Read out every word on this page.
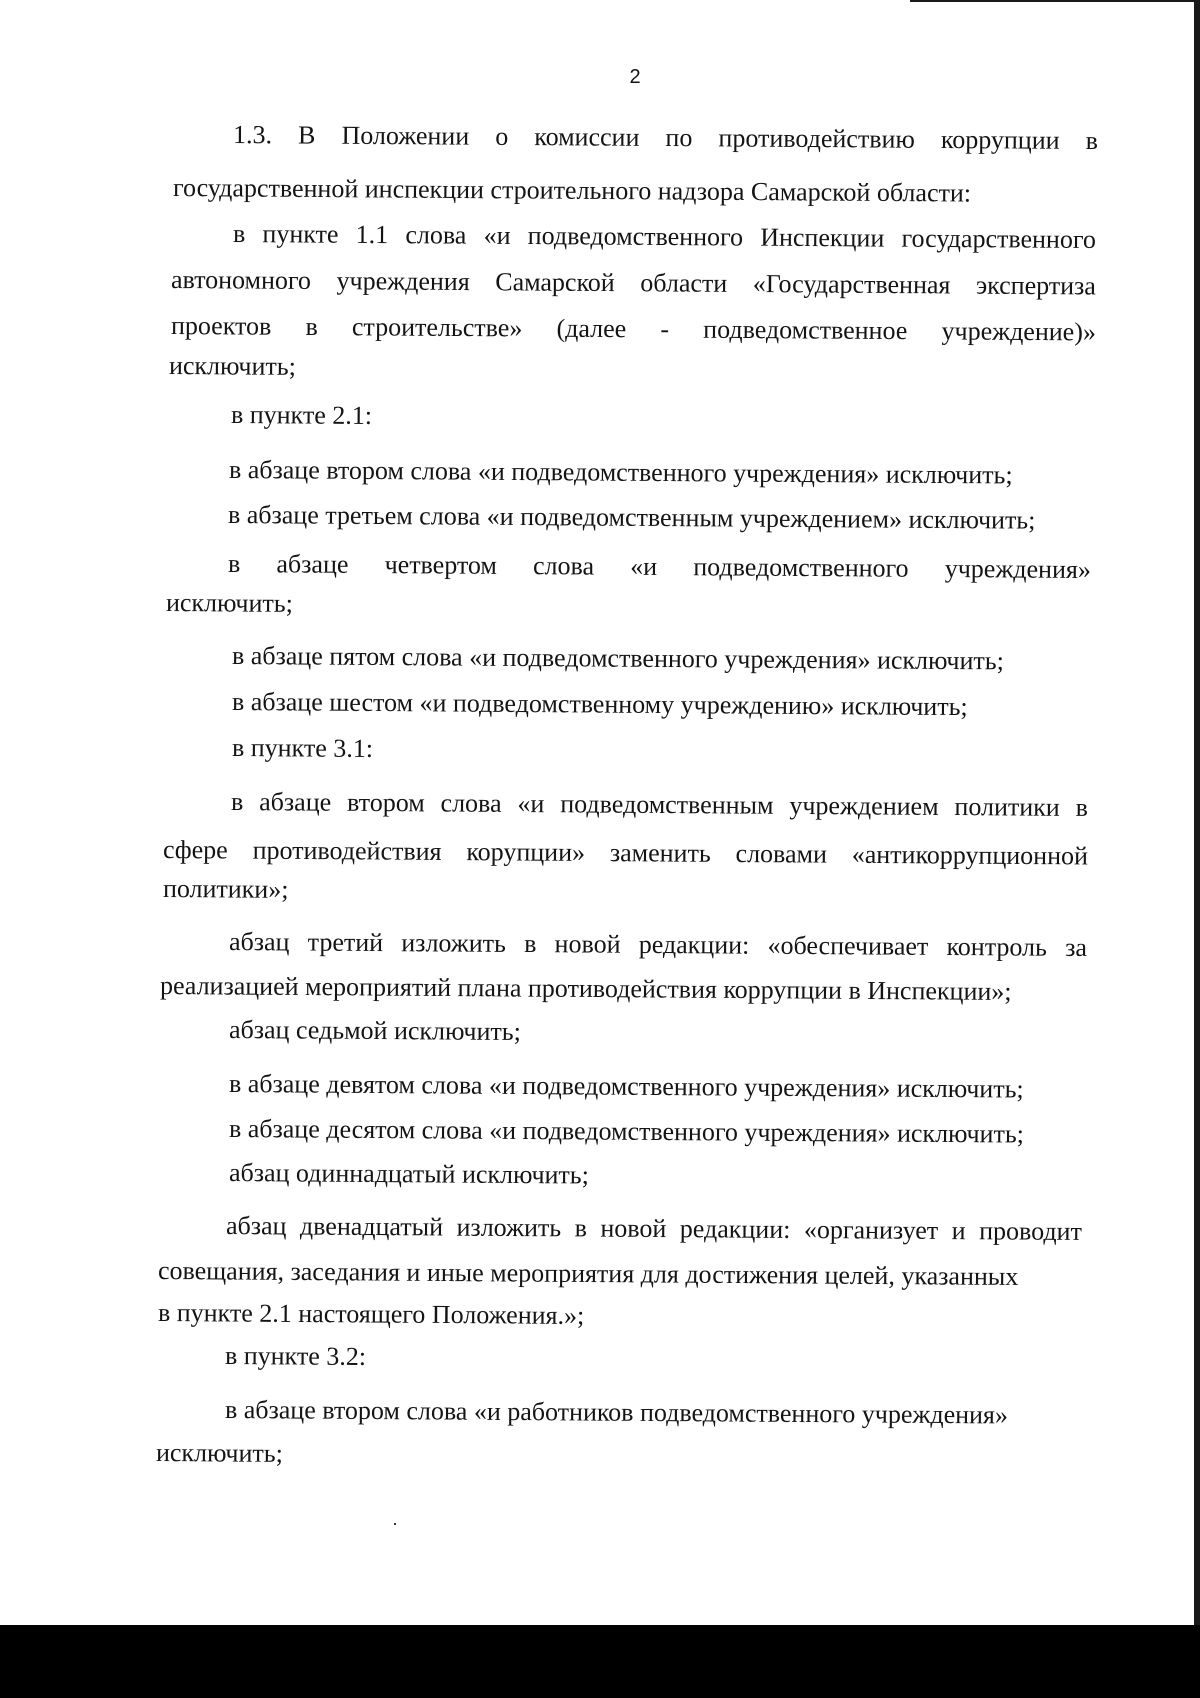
2
1.3. В Положении о комиссии по противодействию коррупции в
государственной инспекции строительного надзора Самарской области:
в пункте 1.1 слова «и подведомственного Инспекции государственного
автономного учреждения Самарской области «Государственная экспертиза
проектов в строительстве» (далее - подведомственное учреждение)»
исключить;
в пункте 2.1:
в абзаце втором слова «и подведомственного учреждения» исключить;
в абзаце третьем слова «и подведомственным учреждением» исключить;
в абзаце четвертом слова «и подведомственного учреждения»
исключить;
в абзаце пятом слова «и подведомственного учреждения» исключить;
в абзаце шестом «и подведомственному учреждению» исключить;
в пункте 3.1:
в абзаце втором слова «и подведомственным учреждением политики в
сфере противодействия корупции» заменить словами «антикоррупционной
политики»;
абзац третий изложить в новой редакции: «обеспечивает контроль за
реализацией мероприятий плана противодействия коррупции в Инспекции»;
абзац седьмой исключить;
в абзаце девятом слова «и подведомственного учреждения» исключить;
в абзаце десятом слова «и подведомственного учреждения» исключить;
абзац одиннадцатый исключить;
абзац двенадцатый изложить в новой редакции: «организует и проводит
совещания, заседания и иные мероприятия для достижения целей, указанных
в пункте 2.1 настоящего Положения.»;
в пункте 3.2:
в абзаце втором слова «и работников подведомственного учреждения»
исключить;
